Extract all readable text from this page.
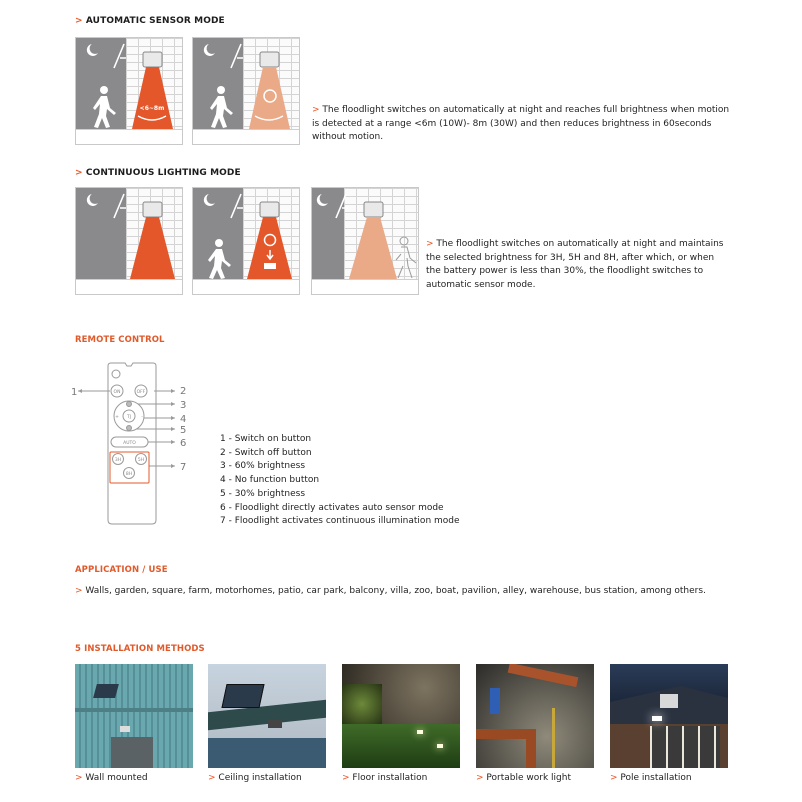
> AUTOMATIC SENSOR MODE
<6~8m	> The floodlight switches on automatically at night and reaches full brightness when motion is detected at a range <6m (10W)- 8m (30W) and then reduces brightness in 60seconds without motion.
> CONTINUOUS LIGHTING MODE
> The floodlight switches on automatically at night and maintains the selected brightness for 3H, 5H and 8H, after which, or when the battery power is less than 30%, the floodlight switches to automatic sensor mode.
REMOTE CONTROL
ON	OFF
TJ
+	-
AUTO
3H	5H
8H
1	2
3
4
5
6
7
1 - Switch on button
2 - Switch off button
3 - 60% brightness
4 - No function button
5 - 30% brightness
6 - Floodlight directly activates auto sensor mode
7 - Floodlight activates continuous illumination mode
APPLICATION / USE
> Walls, garden, square, farm, motorhomes, patio, car park, balcony, villa, zoo, boat, pavilion, alley, warehouse, bus station, among others.
5 INSTALLATION METHODS
> Wall mounted	> Ceiling installation	> Floor installation	> Portable work light	> Pole installation
